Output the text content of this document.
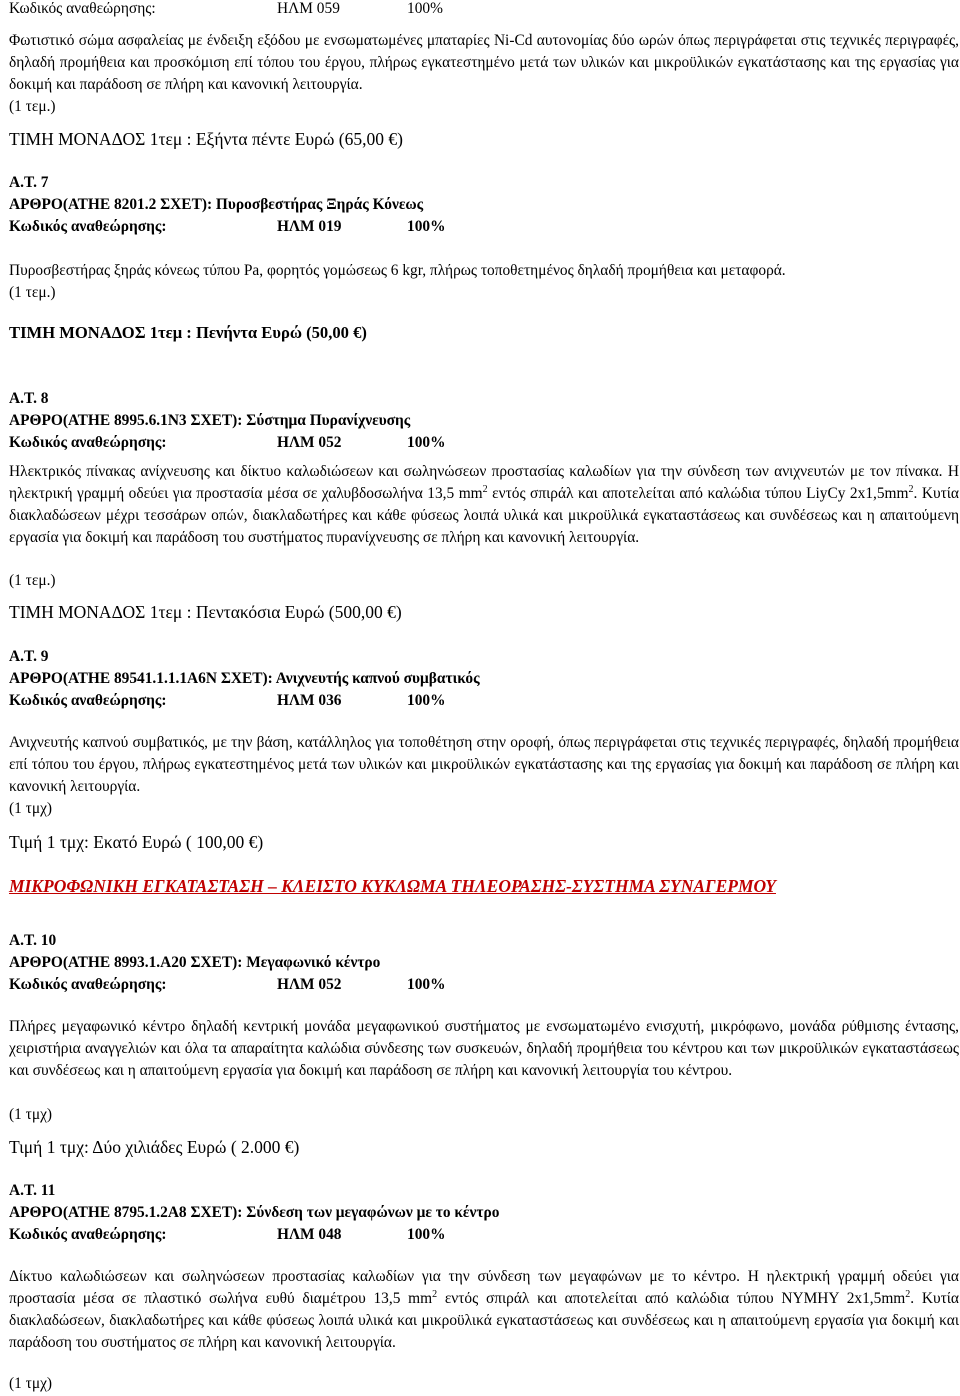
Κωδικός αναθεώρησης:	ΗΛΜ 059	100%
Φωτιστικό σώμα ασφαλείας με ένδειξη εξόδου με ενσωματωμένες μπαταρίες Ni-Cd αυτονομίας δύο ωρών όπως περιγράφεται στις τεχνικές περιγραφές, δηλαδή προμήθεια και προσκόμιση επί τόπου του έργου, πλήρως εγκατεστημένο μετά των υλικών και μικροϋλικών εγκατάστασης και της εργασίας για δοκιμή και παράδοση σε πλήρη και κανονική λειτουργία.
(1 τεμ.)
ΤΙΜΗ ΜΟΝΑΔΟΣ 1τεμ : Εξήντα πέντε Ευρώ (65,00 €)
Α.Τ. 7
ΑΡΘΡΟ(ΑΤΗΕ 8201.2 ΣΧΕΤ): Πυροσβεστήρας Ξηράς Κόνεως
Κωδικός αναθεώρησης:	ΗΛΜ 019	100%
Πυροσβεστήρας ξηράς κόνεως τύπου Pa, φορητός γομώσεως 6 kgr, πλήρως τοποθετημένος δηλαδή προμήθεια και μεταφορά.
(1 τεμ.)
ΤΙΜΗ ΜΟΝΑΔΟΣ 1τεμ : Πενήντα Ευρώ (50,00 €)
Α.Τ. 8
ΑΡΘΡΟ(ΑΤΗΕ 8995.6.1Ν3 ΣΧΕΤ): Σύστημα Πυρανίχνευσης
Κωδικός αναθεώρησης:	ΗΛΜ 052	100%
Ηλεκτρικός πίνακας ανίχνευσης και δίκτυο καλωδιώσεων και σωληνώσεων προστασίας καλωδίων για την σύνδεση των ανιχνευτών με τον πίνακα. Η ηλεκτρική γραμμή οδεύει για προστασία μέσα σε χαλυβδοσωλήνα 13,5 $mm^2$ εντός σπιράλ και αποτελείται από καλώδια τύπου LiyCy $2x1,5mm^2$. Κυτία διακλαδώσεων μέχρι τεσσάρων οπών, διακλαδωτήρες και κάθε φύσεως λοιπά υλικά και μικροϋλικά εγκαταστάσεως και συνδέσεως και η απαιτούμενη εργασία για δοκιμή και παράδοση του συστήματος πυρανίχνευσης σε πλήρη και κανονική λειτουργία.
(1 τεμ.)
ΤΙΜΗ ΜΟΝΑΔΟΣ 1τεμ : Πεντακόσια Ευρώ (500,00 €)
Α.Τ. 9
ΑΡΘΡΟ(ΑΤΗΕ 89541.1.1.1Α6Ν ΣΧΕΤ): Ανιχνευτής καπνού συμβατικός
Κωδικός αναθεώρησης:	ΗΛΜ 036	100%
Ανιχνευτής καπνού συμβατικός, με την βάση, κατάλληλος για τοποθέτηση στην οροφή, όπως περιγράφεται στις τεχνικές περιγραφές, δηλαδή προμήθεια επί τόπου του έργου, πλήρως εγκατεστημένος μετά των υλικών και μικροϋλικών εγκατάστασης και της εργασίας για δοκιμή και παράδοση σε πλήρη και κανονική λειτουργία.
(1 τμχ)
Τιμή 1 τμχ: Εκατό Ευρώ ( 100,00 €)
ΜΙΚΡΟΦΩΝΙΚΗ ΕΓΚΑΤΑΣΤΑΣΗ – ΚΛΕΙΣΤΟ ΚΥΚΛΩΜΑ ΤΗΛΕΟΡΑΣΗΣ-ΣΥΣΤΗΜΑ ΣΥΝΑΓΕΡΜΟΥ
Α.Τ. 10
ΑΡΘΡΟ(ΑΤΗΕ 8993.1.Α20 ΣΧΕΤ): Μεγαφωνικό κέντρο
Κωδικός αναθεώρησης:	ΗΛΜ 052	100%
Πλήρες μεγαφωνικό κέντρο δηλαδή κεντρική μονάδα μεγαφωνικού συστήματος με ενσωματωμένο ενισχυτή, μικρόφωνο, μονάδα ρύθμισης έντασης, χειριστήρια αναγγελιών και όλα τα απαραίτητα καλώδια σύνδεσης των συσκευών, δηλαδή προμήθεια του κέντρου και των μικροϋλικών εγκαταστάσεως και συνδέσεως και η απαιτούμενη εργασία για δοκιμή και παράδοση σε πλήρη και κανονική λειτουργία του κέντρου.
(1 τμχ)
Τιμή 1 τμχ: Δύο χιλιάδες Ευρώ ( 2.000 €)
Α.Τ. 11
ΑΡΘΡΟ(ΑΤΗΕ 8795.1.2Α8 ΣΧΕΤ): Σύνδεση των μεγαφώνων με το κέντρο
Κωδικός αναθεώρησης:	ΗΛΜ 048	100%
Δίκτυο καλωδιώσεων και σωληνώσεων προστασίας καλωδίων για την σύνδεση των μεγαφώνων με το κέντρο. Η ηλεκτρική γραμμή οδεύει για προστασία μέσα σε πλαστικό σωλήνα ευθύ διαμέτρου 13,5 $mm^2$ εντός σπιράλ και αποτελείται από καλώδια τύπου ΝΥΜΗΥ $2x1,5mm^2$. Κυτία διακλαδώσεων, διακλαδωτήρες και κάθε φύσεως λοιπά υλικά και μικροϋλικά εγκαταστάσεως και συνδέσεως και η απαιτούμενη εργασία για δοκιμή και παράδοση του συστήματος σε πλήρη και κανονική λειτουργία.
(1 τμχ)
